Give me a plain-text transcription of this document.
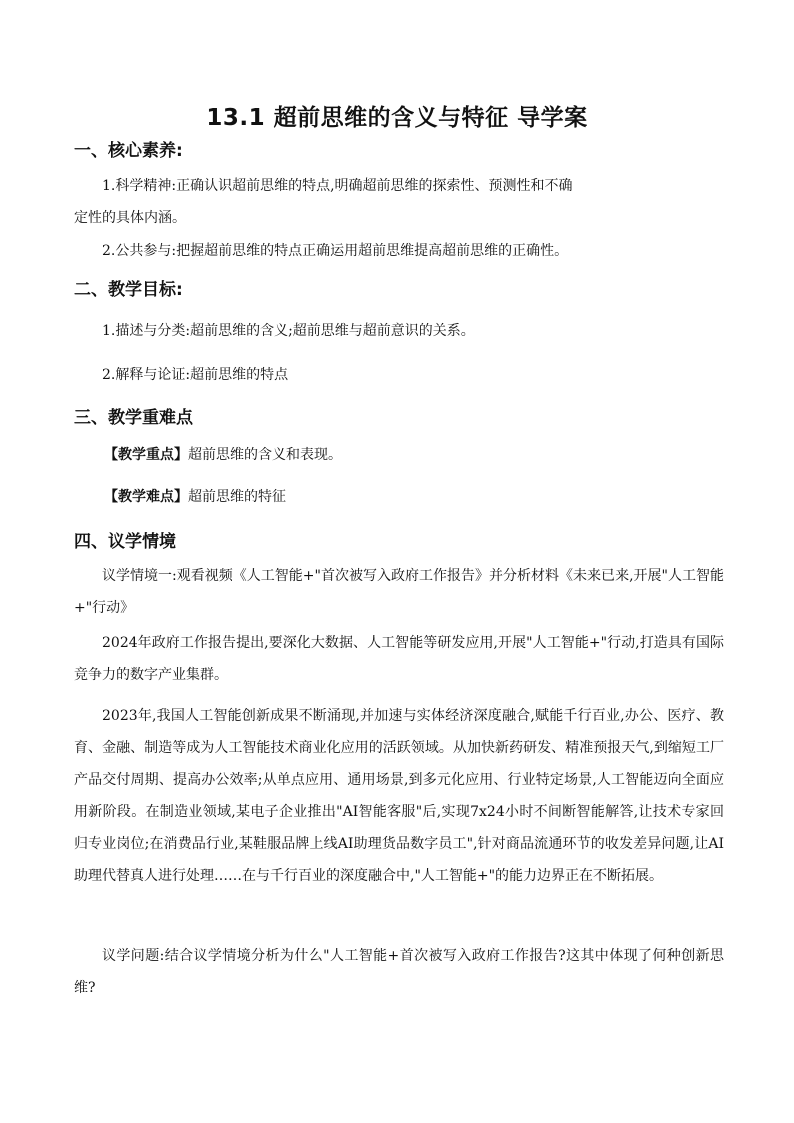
13.1 超前思维的含义与特征 导学案
一、核心素养:
1.科学精神:正确认识超前思维的特点,明确超前思维的探索性、预测性和不确
定性的具体内涵。
2.公共参与:把握超前思维的特点正确运用超前思维提高超前思维的正确性。
二、教学目标:
1.描述与分类:超前思维的含义;超前思维与超前意识的关系。
2.解释与论证:超前思维的特点
三、教学重难点
【教学重点】超前思维的含义和表现。
【教学难点】超前思维的特征
四、议学情境
议学情境一:观看视频《人工智能+"首次被写入政府工作报告》并分析材料《未来已来,开展"人工智能+"行动》
2024年政府工作报告提出,要深化大数据、人工智能等研发应用,开展"人工智能+"行动,打造具有国际竞争力的数字产业集群。
2023年,我国人工智能创新成果不断涌现,并加速与实体经济深度融合,赋能千行百业,办公、医疗、教育、金融、制造等成为人工智能技术商业化应用的活跃领域。从加快新药研发、精准预报天气,到缩短工厂产品交付周期、提高办公效率;从单点应用、通用场景,到多元化应用、行业特定场景,人工智能迈向全面应用新阶段。在制造业领域,某电子企业推出"AI智能客服"后,实现7x24小时不间断智能解答,让技术专家回归专业岗位;在消费品行业,某鞋服品牌上线AI助理货品数字员工",针对商品流通环节的收发差异问题,让AI助理代替真人进行处理……在与千行百业的深度融合中,"人工智能+"的能力边界正在不断拓展。
议学问题:结合议学情境分析为什么"人工智能+首次被写入政府工作报告?这其中体现了何种创新思维?
